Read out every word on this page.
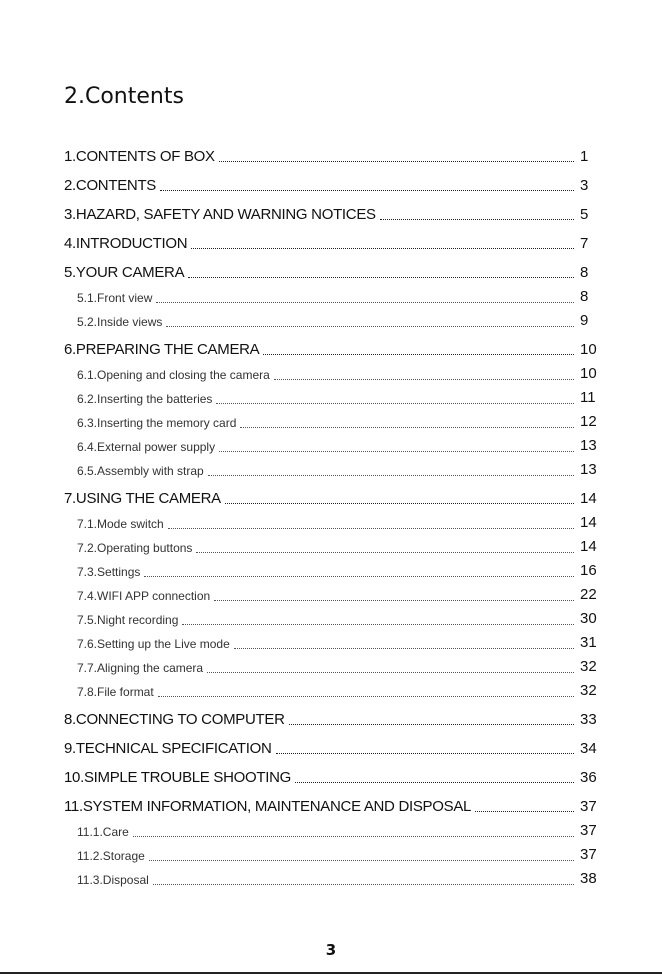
2.Contents
1.CONTENTS OF BOX	1
2.CONTENTS	3
3.HAZARD, SAFETY AND WARNING NOTICES	5
4.INTRODUCTION	7
5.YOUR CAMERA	8
5.1.Front view	8
5.2.Inside views	9
6.PREPARING THE CAMERA	10
6.1.Opening and closing the camera	10
6.2.Inserting the batteries	11
6.3.Inserting the memory card	12
6.4.External power supply	13
6.5.Assembly with strap	13
7.USING THE CAMERA	14
7.1.Mode switch	14
7.2.Operating buttons	14
7.3.Settings	16
7.4.WIFI APP connection	22
7.5.Night recording	30
7.6.Setting up the Live mode	31
7.7.Aligning the camera	32
7.8.File format	32
8.CONNECTING TO COMPUTER	33
9.TECHNICAL SPECIFICATION	34
10.SIMPLE TROUBLE SHOOTING	36
11.SYSTEM INFORMATION, MAINTENANCE AND DISPOSAL	37
11.1.Care	37
11.2.Storage	37
11.3.Disposal	38
3
